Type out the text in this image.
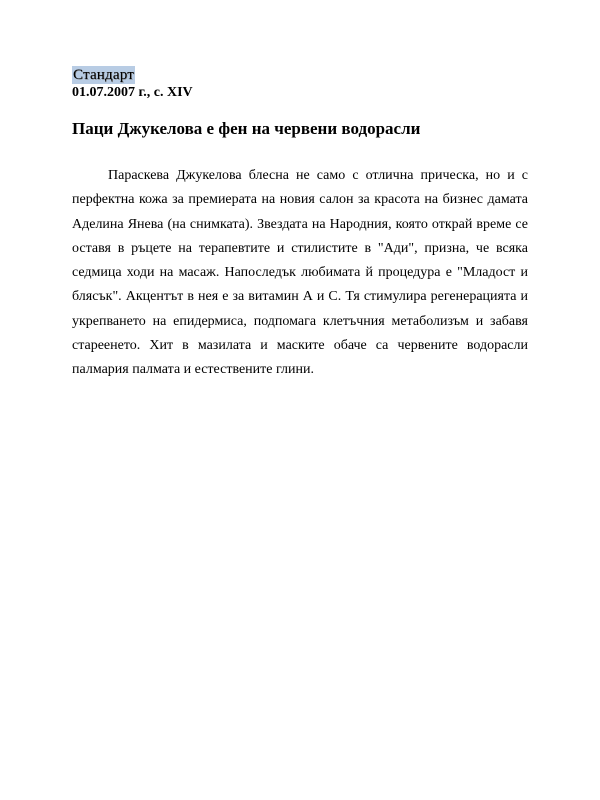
Стандарт
01.07.2007 г., с. XIV
Паци Джукелова е фен на червени водорасли

Параскева Джукелова блесна не само с отлична прическа, но и с перфектна кожа за премиерата на новия салон за красота на бизнес дамата Аделина Янева (на снимката). Звездата на Народния, която открай време се оставя в ръцете на терапевтите и стилистите в "Ади", призна, че всяка седмица ходи на масаж. Напоследък любимата й процедура е "Младост и блясък". Акцентът в нея е за витамин А и С. Тя стимулира регенерацията и укрепването на епидермиса, подпомага клетъчния метаболизъм и забавя стареенето. Хит в мазилата и маските обаче са червените водорасли палмария палмата и естествените глини.
